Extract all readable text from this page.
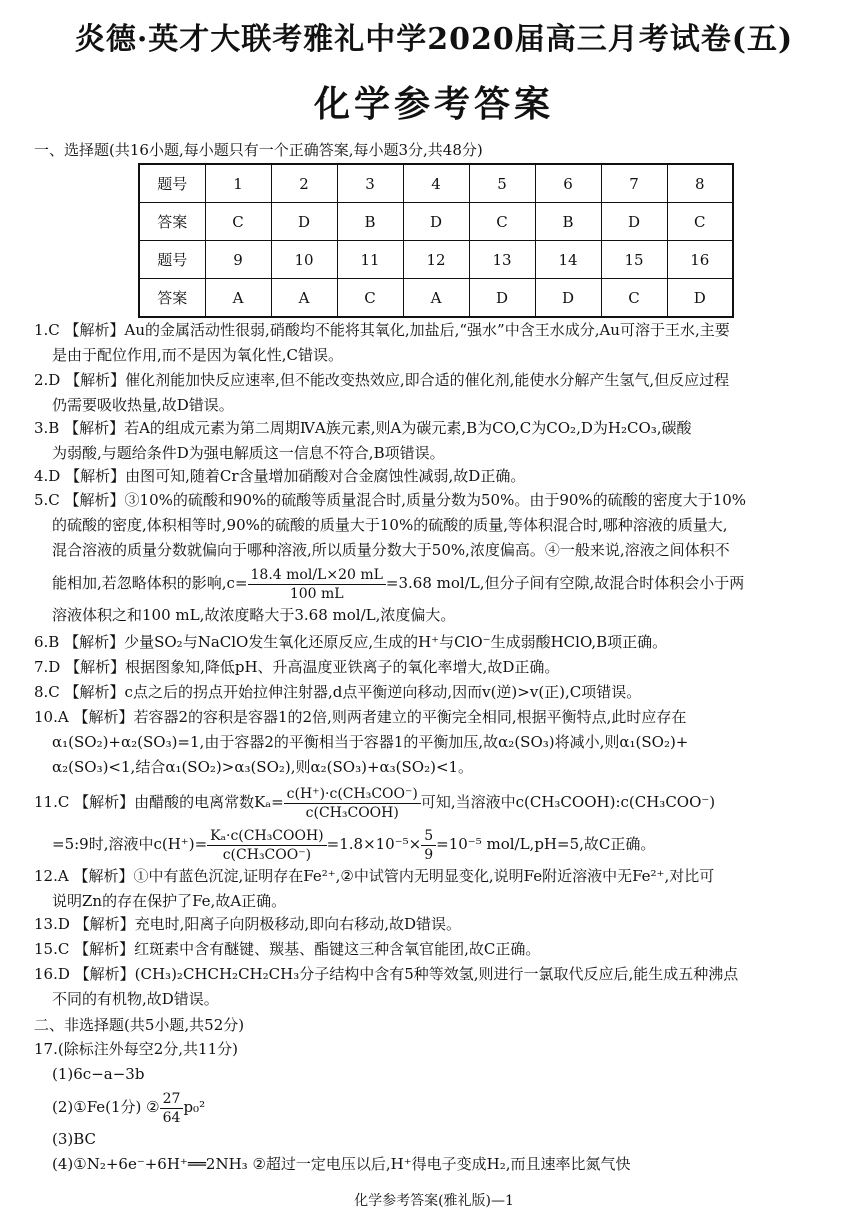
炎德·英才大联考雅礼中学2020届高三月考试卷(五)
化学参考答案
一、选择题(共16小题,每小题只有一个正确答案,每小题3分,共48分)
题号	1	2	3	4	5	6	7	8
答案	C	D	B	D	C	B	D	C
题号	9	10	11	12	13	14	15	16
答案	A	A	C	A	D	D	C	D
1.C 【解析】Au的金属活动性很弱,硝酸均不能将其氧化,加盐后,“强水”中含王水成分,Au可溶于王水,主要
是由于配位作用,而不是因为氧化性,C错误。
2.D 【解析】催化剂能加快反应速率,但不能改变热效应,即合适的催化剂,能使水分解产生氢气,但反应过程
仍需要吸收热量,故D错误。
3.B 【解析】若A的组成元素为第二周期ⅣA族元素,则A为碳元素,B为CO,C为CO₂,D为H₂CO₃,碳酸
为弱酸,与题给条件D为强电解质这一信息不符合,B项错误。
4.D 【解析】由图可知,随着Cr含量增加硝酸对合金腐蚀性减弱,故D正确。
5.C 【解析】③10%的硫酸和90%的硫酸等质量混合时,质量分数为50%。由于90%的硫酸的密度大于10%
的硫酸的密度,体积相等时,90%的硫酸的质量大于10%的硫酸的质量,等体积混合时,哪种溶液的质量大,
混合溶液的质量分数就偏向于哪种溶液,所以质量分数大于50%,浓度偏高。④一般来说,溶液之间体积不
能相加,若忽略体积的影响$,c= \frac{\text{18.4 mol/L×20 mL}}{100 mL} =3.68$ mol/L,但分子间有空隙,故混合时体积会小于两
溶液体积之和100 mL,故浓度略大于3.68 mol/L,浓度偏大。
6.B 【解析】少量SO₂与NaClO发生氧化还原反应,生成的H⁺与ClO⁻生成弱酸HClO,B项正确。
7.D 【解析】根据图象知,降低pH、升高温度亚铁离子的氧化率增大,故D正确。
8.C 【解析】c点之后的拐点开始拉伸注射器,d点平衡逆向移动,因而v(逆)>v(正),C项错误。
10.A 【解析】若容器2的容积是容器1的2倍,则两者建立的平衡完全相同,根据平衡特点,此时应存在
α₁(SO₂)+α₂(SO₃)=1,由于容器2的平衡相当于容器1的平衡加压,故α₂(SO₃)将减小,则α₁(SO₂)+
α₂(SO₃)<1,结合α₁(SO₂)>α₃(SO₂),则α₂(SO₃)+α₃(SO₂)<1。
11.C 【解析】由醋酸的电离常数$K_a= \frac{\text{c(H⁺)·c(CH₃COO⁻)}}{\text{c(CH₃COOH)}}$ 可知,当溶液中c(CH₃COOH):c(CH₃COO⁻)
=5:9时,溶液中$c(H^+)= \frac{\text{Kₐ·c(CH₃COOH)}}{\text{c(CH₃COO⁻)}} =1.8\times 10^{-5}\times \frac{5}{9} =10^{-5}$ mol/L,pH=5,故C正确。
12.A 【解析】①中有蓝色沉淀,证明存在Fe²⁺,②中试管内无明显变化,说明Fe附近溶液中无Fe²⁺,对比可
说明Zn的存在保护了Fe,故A正确。
13.D 【解析】充电时,阳离子向阴极移动,即向右移动,故D错误。
15.C 【解析】红斑素中含有醚键、羰基、酯键这三种含氧官能团,故C正确。
16.D 【解析】(CH₃)₂CHCH₂CH₂CH₃分子结构中含有5种等效氢,则进行一氯取代反应后,能生成五种沸点
不同的有机物,故D错误。
二、非选择题(共5小题,共52分)
17.(除标注外每空2分,共11分)
(1)6c−a−3b
(2)①Fe(1分) ② $\frac{27}{64} p_0^2$
(3)BC
(4)①N₂+6e⁻+6H⁺══2NH₃ ②超过一定电压以后,H⁺得电子变成H₂,而且速率比氮气快
化学参考答案(雅礼版)—1
